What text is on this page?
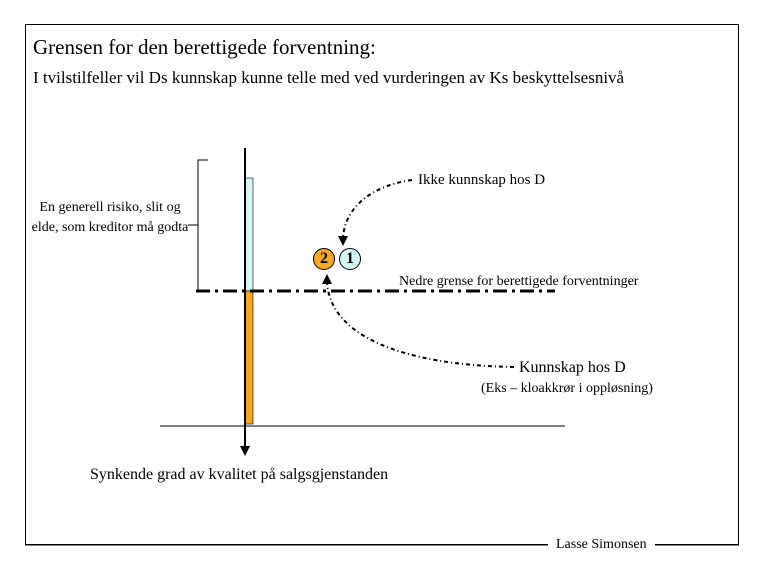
Grensen for den berettigede forventning:
I tvilstilfeller vil Ds kunnskap kunne telle med ved vurderingen av Ks beskyttelsesnivå
En generell risiko, slit og elde, som kreditor må godta
Ikke kunnskap hos D
2	1
Nedre grense for berettigede forventninger
Kunnskap hos D
(Eks – kloakkrør i oppløsning)
Synkende grad av kvalitet på salgsgjenstanden
Lasse Simonsen
